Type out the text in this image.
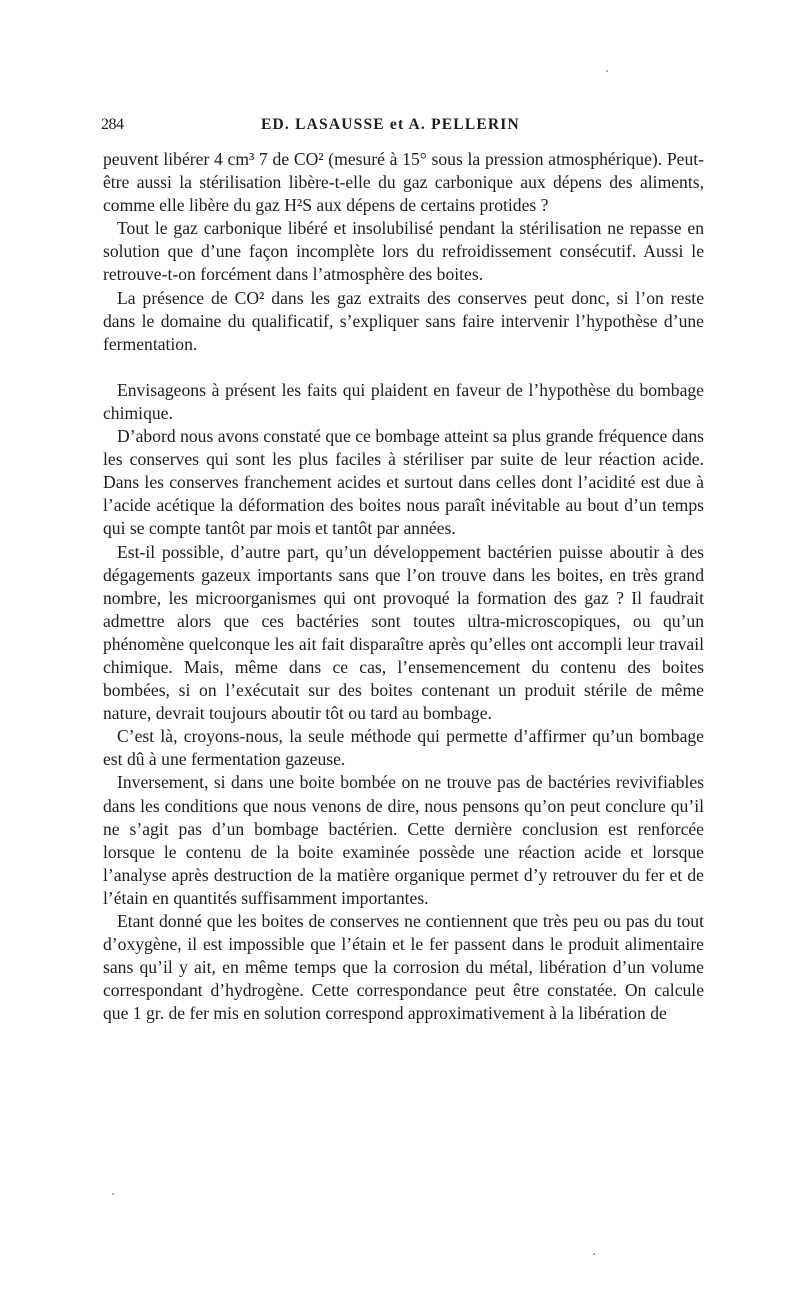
284	ED. LASAUSSE et A. PELLERIN

peuvent libérer 4 cm³ 7 de CO² (mesuré à 15° sous la pression atmosphérique). Peut-être aussi la stérilisation libère-t-elle du gaz carbonique aux dépens des aliments, comme elle libère du gaz H²S aux dépens de certains protides ?

Tout le gaz carbonique libéré et insolubilisé pendant la stérilisation ne repasse en solution que d’une façon incomplète lors du refroidissement consécutif. Aussi le retrouve-t-on forcément dans l’atmosphère des boites.

La présence de CO² dans les gaz extraits des conserves peut donc, si l’on reste dans le domaine du qualificatif, s’expliquer sans faire intervenir l’hypothèse d’une fermentation.

Envisageons à présent les faits qui plaident en faveur de l’hypothèse du bombage chimique.

D’abord nous avons constaté que ce bombage atteint sa plus grande fréquence dans les conserves qui sont les plus faciles à stériliser par suite de leur réaction acide. Dans les conserves franchement acides et surtout dans celles dont l’acidité est due à l’acide acétique la déformation des boites nous paraît inévitable au bout d’un temps qui se compte tantôt par mois et tantôt par années.

Est-il possible, d’autre part, qu’un développement bactérien puisse aboutir à des dégagements gazeux importants sans que l’on trouve dans les boites, en très grand nombre, les microorganismes qui ont provoqué la formation des gaz ? Il faudrait admettre alors que ces bactéries sont toutes ultra-microscopiques, ou qu’un phénomène quelconque les ait fait disparaître après qu’elles ont accompli leur travail chimique. Mais, même dans ce cas, l’ensemencement du contenu des boites bombées, si on l’exécutait sur des boites contenant un produit stérile de même nature, devrait toujours aboutir tôt ou tard au bombage.

C’est là, croyons-nous, la seule méthode qui permette d’affirmer qu’un bombage est dû à une fermentation gazeuse.

Inversement, si dans une boite bombée on ne trouve pas de bactéries revivifiables dans les conditions que nous venons de dire, nous pensons qu’on peut conclure qu’il ne s’agit pas d’un bombage bactérien. Cette dernière conclusion est renforcée lorsque le contenu de la boite examinée possède une réaction acide et lorsque l’analyse après destruction de la matière organique permet d’y retrouver du fer et de l’étain en quantités suffisamment importantes.

Etant donné que les boites de conserves ne contiennent que très peu ou pas du tout d’oxygène, il est impossible que l’étain et le fer passent dans le produit alimentaire sans qu’il y ait, en même temps que la corrosion du métal, libération d’un volume correspondant d’hydrogène. Cette correspondance peut être constatée. On calcule que 1 gr. de fer mis en solution correspond approximativement à la libération de
